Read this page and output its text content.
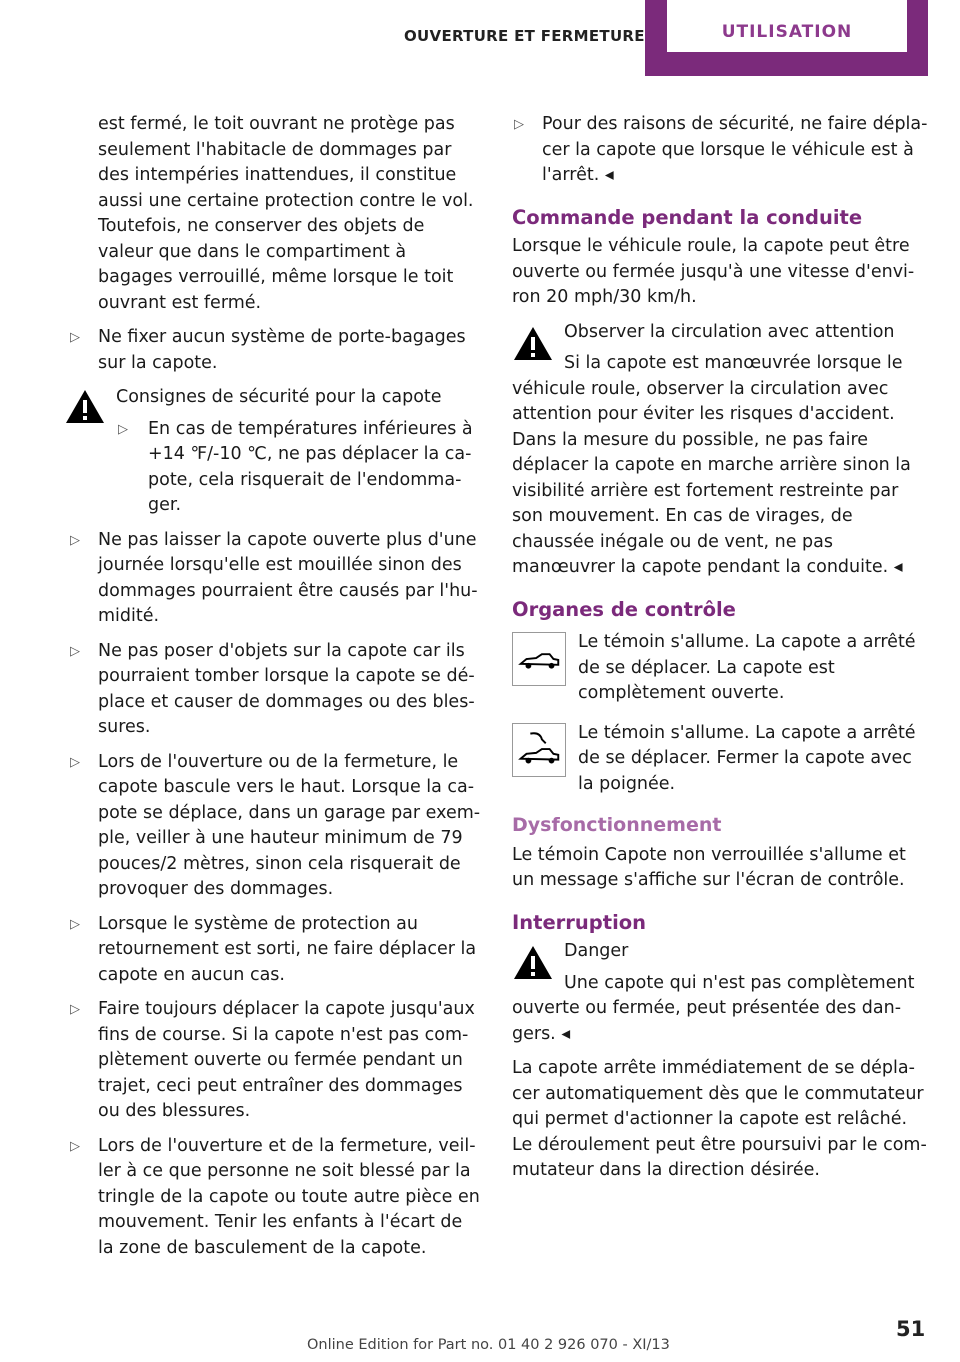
OUVERTURE ET FERMETURE	UTILISATION

est fermé, le toit ouvrant ne protège pas seulement l'habitacle de dommages par des intempéries inattendues, il constitue aussi une certaine protection contre le vol. Toutefois, ne conserver des objets de valeur que dans le compartiment à bagages verrouillé, même lorsque le toit ouvrant est fermé.

▷ Ne fixer aucun système de porte-bagages sur la capote.

Consignes de sécurité pour la capote

▷ En cas de températures inférieures à +14 ℉/-10 ℃, ne pas déplacer la capote, cela risquerait de l'endommager.
▷ Ne pas laisser la capote ouverte plus d'une journée lorsqu'elle est mouillée sinon des dommages pourraient être causés par l'humidité.
▷ Ne pas poser d'objets sur la capote car ils pourraient tomber lorsque la capote se déplace et causer de dommages ou des blessures.
▷ Lors de l'ouverture ou de la fermeture, le capote bascule vers le haut. Lorsque la capote se déplace, dans un garage par exemple, veiller à une hauteur minimum de 79 pouces/2 mètres, sinon cela risquerait de provoquer des dommages.
▷ Lorsque le système de protection au retournement est sorti, ne faire déplacer la capote en aucun cas.
▷ Faire toujours déplacer la capote jusqu'aux fins de course. Si la capote n'est pas complètement ouverte ou fermée pendant un trajet, ceci peut entraîner des dommages ou des blessures.
▷ Lors de l'ouverture et de la fermeture, veiller à ce que personne ne soit blessé par la tringle de la capote ou toute autre pièce en mouvement. Tenir les enfants à l'écart de la zone de basculement de la capote.
▷ Pour des raisons de sécurité, ne faire déplacer la capote que lorsque le véhicule est à l'arrêt. ◂
Commande pendant la conduite

Lorsque le véhicule roule, la capote peut être ouverte ou fermée jusqu'à une vitesse d'environ 20 mph/30 km/h.

Observer la circulation avec attention

Si la capote est manœuvrée lorsque le véhicule roule, observer la circulation avec attention pour éviter les risques d'accident. Dans la mesure du possible, ne pas faire déplacer la capote en marche arrière sinon la visibilité arrière est fortement restreinte par son mouvement. En cas de virages, de chaussée inégale ou de vent, ne pas manœuvrer la capote pendant la conduite. ◂

Organes de contrôle

Le témoin s'allume. La capote a arrêté de se déplacer. La capote est complètement ouverte.

Le témoin s'allume. La capote a arrêté de se déplacer. Fermer la capote avec la poignée.

Dysfonctionnement

Le témoin Capote non verrouillée s'allume et un message s'affiche sur l'écran de contrôle.

Interruption

Danger

Une capote qui n'est pas complètement ouverte ou fermée, peut présentée des dangers. ◂

La capote arrête immédiatement de se déplacer automatiquement dès que le commutateur qui permet d'actionner la capote est relâché. Le déroulement peut être poursuivi par le commutateur dans la direction désirée.

51
Online Edition for Part no. 01 40 2 926 070 - XI/13
